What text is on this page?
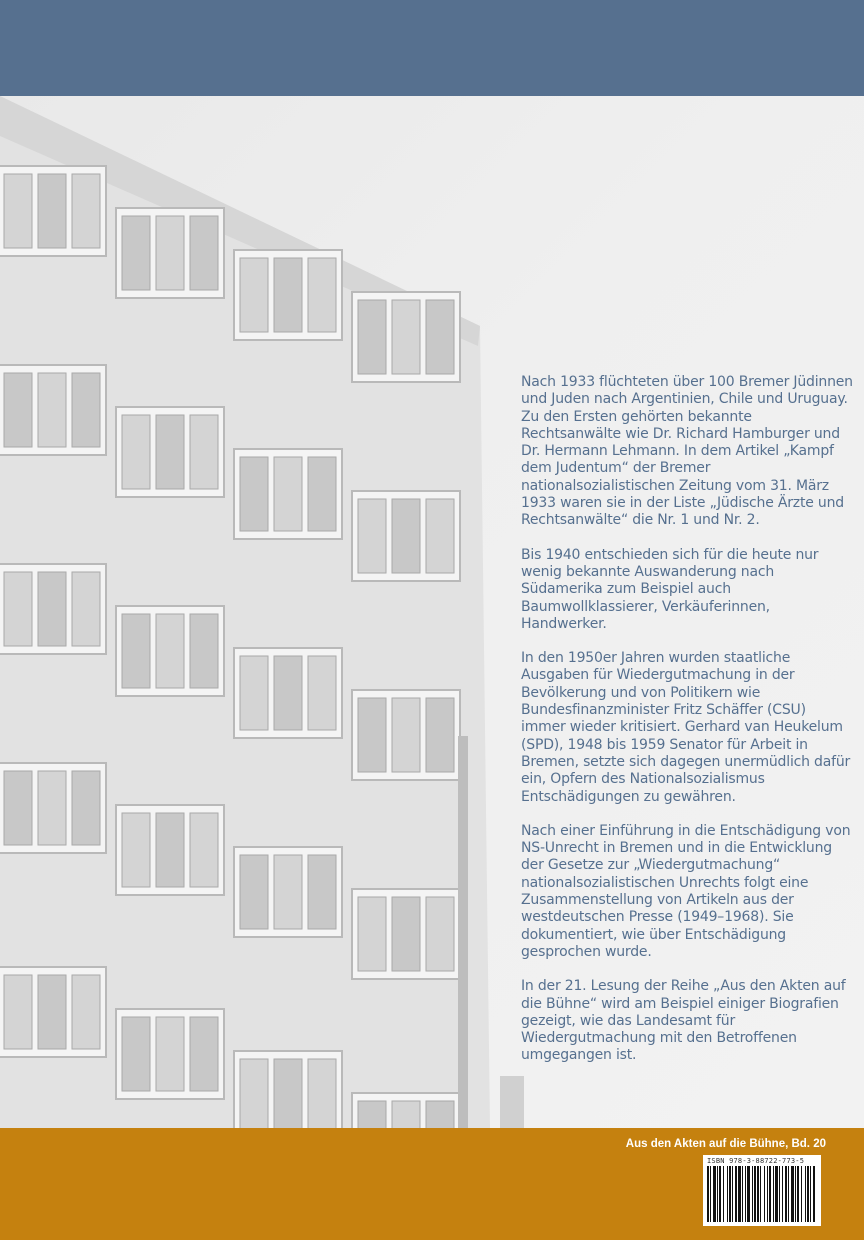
Nach 1933 flüchteten über 100 Bremer Jüdinnen und Juden nach Argentinien, Chile und Uruguay. Zu den Ersten gehörten bekannte Rechtsanwälte wie Dr. Richard Hamburger und Dr. Hermann Lehmann. In dem Artikel „Kampf dem Judentum“ der Bremer nationalsozialistischen Zeitung vom 31. März 1933 waren sie in der Liste „Jüdische Ärzte und Rechtsanwälte“ die Nr. 1 und Nr. 2.

Bis 1940 entschieden sich für die heute nur wenig bekannte Auswanderung nach Südamerika zum Beispiel auch Baumwollklassierer, Verkäuferinnen, Handwerker.

In den 1950er Jahren wurden staatliche Ausgaben für Wiedergutmachung in der Bevölkerung und von Politikern wie Bundesfinanzminister Fritz Schäffer (CSU) immer wieder kritisiert. Gerhard van Heukelum (SPD), 1948 bis 1959 Senator für Arbeit in Bremen, setzte sich dagegen unermüdlich dafür ein, Opfern des Nationalsozialismus Entschädigungen zu gewähren.

Nach einer Einführung in die Entschädigung von NS-Unrecht in Bremen und in die Entwicklung der Gesetze zur „Wiedergutmachung“ nationalsozialistischen Unrechts folgt eine Zusammenstellung von Artikeln aus der westdeutschen Presse (1949–1968). Sie dokumentiert, wie über Entschädigung gesprochen wurde.

In der 21. Lesung der Reihe „Aus den Akten auf die Bühne“ wird am Beispiel einiger Biografien gezeigt, wie das Landesamt für Wiedergutmachung mit den Betroffenen umgegangen ist.

Aus den Akten auf die Bühne, Bd. 20
ISBN 978-3-88722-773-5
